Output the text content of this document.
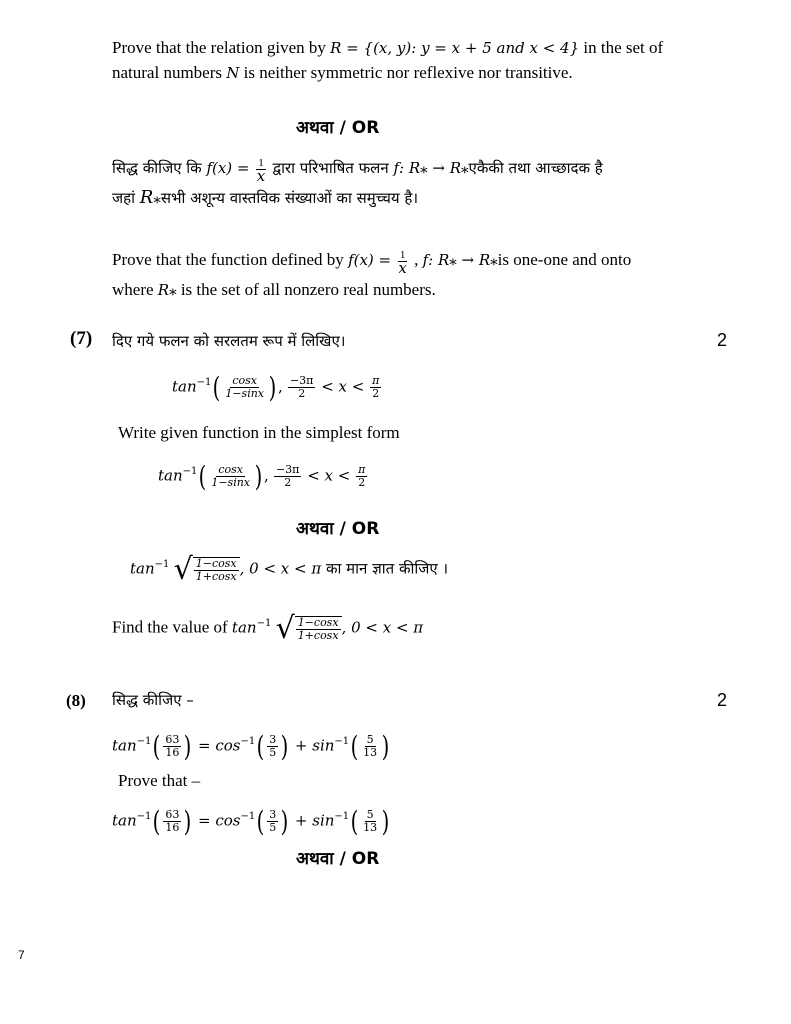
Prove that the relation given by R = {(x, y): y = x + 5 and x < 4} in the set of
natural numbers N is neither symmetric nor reflexive nor transitive.
अथवा / OR
सिद्ध कीजिए कि $f(x) = \frac{1}{x}$ द्वारा परिभाषित फलन f: $R_*$ → $R_*एकैकी$ तथा आच्छादक है
जहां $R_*सभी$ अशून्य वास्तविक संख्याओं का समुच्चय है।
Prove that the function defined by $f(x) = \frac{1}{x}$ , f: $R_* \to R_*is$ one-one and onto
where $R_*$ is the set of all nonzero real numbers.
(7) दिए गये फलन को सरलतम रूप में लिखिए।	2
$\tan^{-1}( \frac{\cos x}{1-\sin x}$ ) , $\frac{-3\pi}{2} < x < \frac{\pi}{2}$
Write given function in the simplest form
$\tan^{-1}( \frac{\cos x}{1-\sin x}$ ) , $\frac{-3\pi}{2} < x < \frac{\pi}{2}$
अथवा / OR
$\tan^{-1}$ √ $\frac{1-\cos x}{1+\cos x}$ , 0 < x < π का मान ज्ञात कीजिए ।
Find the value of $\tan^{-1}$ √ $\frac{1-\cos x}{1+\cos x}$ , 0 < x < π
(8) सिद्ध कीजिए –	2
$\tan^{-1}( \frac{63}{16}$ ) = $\cos^{-1}( \frac{3}{5}$ ) + $\sin^{-1}( \frac{5}{13}$ )
Prove that –
$\tan^{-1}( \frac{63}{16}$ ) = $\cos^{-1}( \frac{3}{5}$ ) + $\sin^{-1}( \frac{5}{13}$ )
अथवा / OR
7
